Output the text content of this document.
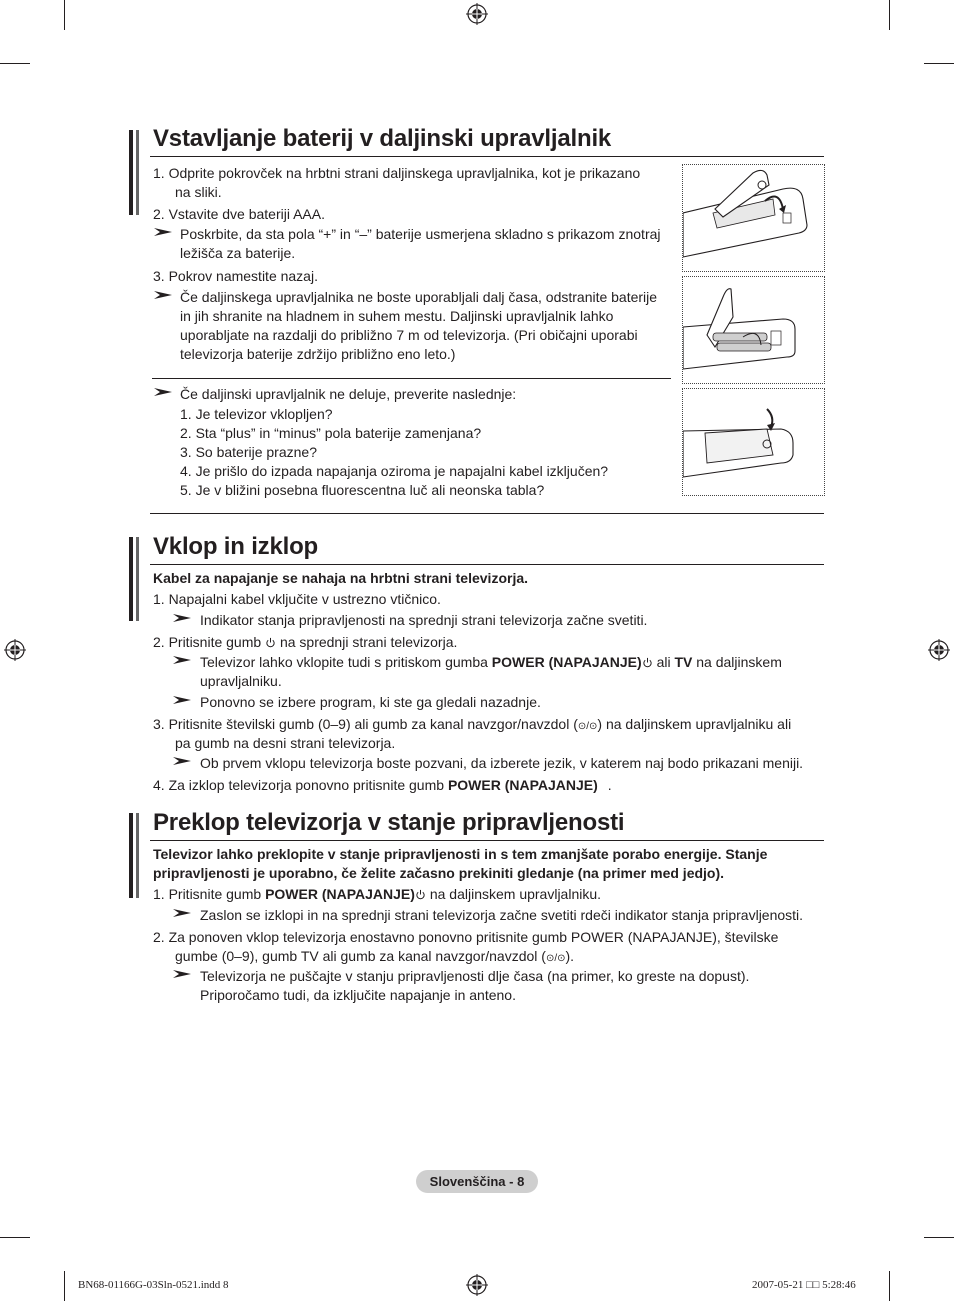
Vstavljanje baterij v daljinski upravljalnik
1. Odprite pokrovček na hrbtni strani daljinskega upravljalnika, kot je prikazano
na sliki.
2. Vstavite dve bateriji AAA.
Poskrbite, da sta pola “+” in “–” baterije usmerjena skladno s prikazom znotraj
ležišča za baterije.
3. Pokrov namestite nazaj.
Če daljinskega upravljalnika ne boste uporabljali dalj časa, odstranite baterije
in jih shranite na hladnem in suhem mestu. Daljinski upravljalnik lahko
uporabljate na razdalji do približno 7 m od televizorja. (Pri običajni uporabi
televizorja baterije zdržijo približno eno leto.)
Če daljinski upravljalnik ne deluje, preverite naslednje:
1. Je televizor vklopljen?
2. Sta “plus” in “minus” pola baterije zamenjana?
3. So baterije prazne?
4. Je prišlo do izpada napajanja oziroma je napajalni kabel izključen?
5. Je v bližini posebna fluorescentna luč ali neonska tabla?
Vklop in izklop
Kabel za napajanje se nahaja na hrbtni strani televizorja.
1. Napajalni kabel vključite v ustrezno vtičnico.
Indikator stanja pripravljenosti na sprednji strani televizorja začne svetiti.
2. Pritisnite gumb na sprednji strani televizorja.
Televizor lahko vklopite tudi s pritiskom gumba POWER (NAPAJANJE) ali TV na daljinskem
upravljalniku.
Ponovno se izbere program, ki ste ga gledali nazadnje.
3. Pritisnite številski gumb (0–9) ali gumb za kanal navzgor/navzdol (⊙/⊙) na daljinskem upravljalniku ali
pa gumb na desni strani televizorja.
Ob prvem vklopu televizorja boste pozvani, da izberete jezik, v katerem naj bodo prikazani meniji.
4. Za izklop televizorja ponovno pritisnite gumb POWER (NAPAJANJE) .
Preklop televizorja v stanje pripravljenosti
Televizor lahko preklopite v stanje pripravljenosti in s tem zmanjšate porabo energije. Stanje
pripravljenosti je uporabno, če želite začasno prekiniti gledanje (na primer med jedjo).
1. Pritisnite gumb POWER (NAPAJANJE) na daljinskem upravljalniku.
Zaslon se izklopi in na sprednji strani televizorja začne svetiti rdeči indikator stanja pripravljenosti.
2. Za ponoven vklop televizorja enostavno ponovno pritisnite gumb POWER (NAPAJANJE), številske
gumbe (0–9), gumb TV ali gumb za kanal navzgor/navzdol (⊙/⊙).
Televizorja ne puščajte v stanju pripravljenosti dlje časa (na primer, ko greste na dopust).
Priporočamo tudi, da izključite napajanje in anteno.
Slovenščina - 8
BN68-01166G-03Sln-0521.indd 8	2007-05-21 □□ 5:28:46
